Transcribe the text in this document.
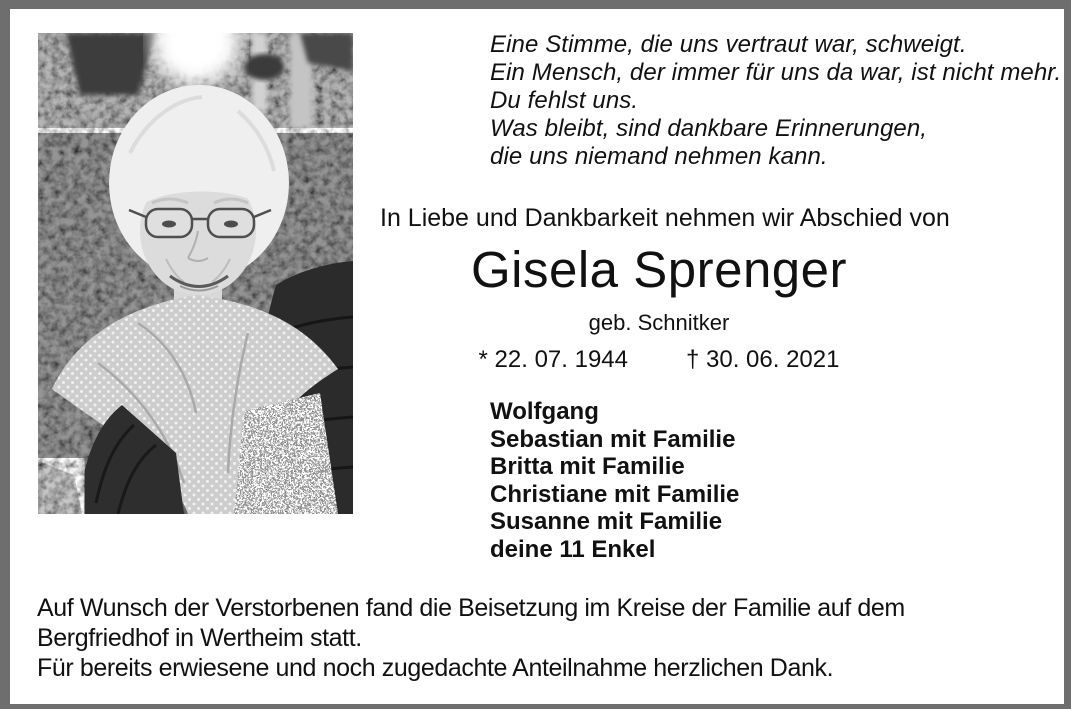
Eine Stimme, die uns vertraut war, schweigt.
Ein Mensch, der immer für uns da war, ist nicht mehr.
Du fehlst uns.
Was bleibt, sind dankbare Erinnerungen,
die uns niemand nehmen kann.
In Liebe und Dankbarkeit nehmen wir Abschied von
Gisela Sprenger
geb. Schnitker
* 22. 07. 1944 † 30. 06. 2021
Wolfgang
Sebastian mit Familie
Britta mit Familie
Christiane mit Familie
Susanne mit Familie
deine 11 Enkel
Auf Wunsch der Verstorbenen fand die Beisetzung im Kreise der Familie auf dem
Bergfriedhof in Wertheim statt.
Für bereits erwiesene und noch zugedachte Anteilnahme herzlichen Dank.
